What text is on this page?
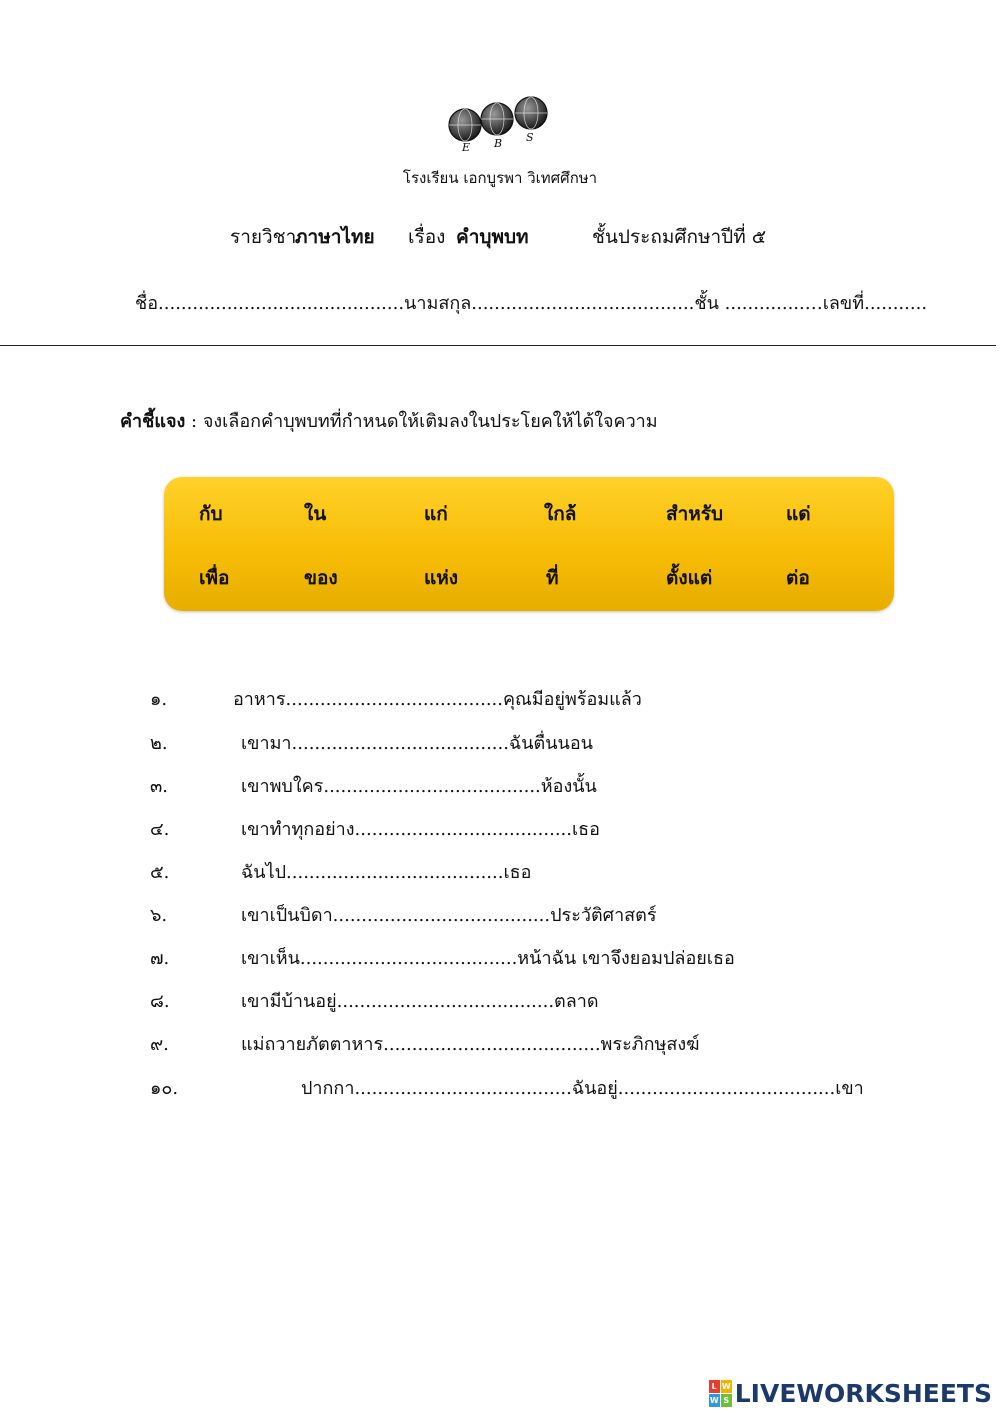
E B S
โรงเรียน เอกบูรพา วิเทศศึกษา
รายวิชา
ภาษาไทย เรื่อง คำบุพบท	ชั้นประถมศึกษาปีที่ ๕
ชื่อ...........................................นามสกุล.......................................ชั้น ..............…เลขที่...........
คำชี้แจง : จงเลือกคำบุพบทที่กำหนดให้เติมลงในประโยคให้ได้ใจความ
กับ	ใน	แก่	ใกล้	สำหรับ	แด่
เพื่อ	ของ	แห่ง	ที่	ตั้งแต่	ต่อ
๑.	อาหาร......................................คุณมีอยู่พร้อมแล้ว
๒.	เขามา......................................ฉันตื่นนอน
๓.	เขาพบใคร......................................ห้องนั้น
๔.	เขาทำทุกอย่าง......................................เธอ
๕.	ฉันไป......................................เธอ
๖.	เขาเป็นบิดา......................................ประวัติศาสตร์
๗.	เขาเห็น......................................หน้าฉัน เขาจึงยอมปล่อยเธอ
๘.	เขามีบ้านอยู่......................................ตลาด
๙.	แม่ถวายภัตตาหาร......................................พระภิกษุสงฆ์
๑๐.	ปากกา......................................ฉันอยู่......................................เขา
L W
W S LIVEWORKSHEETS
